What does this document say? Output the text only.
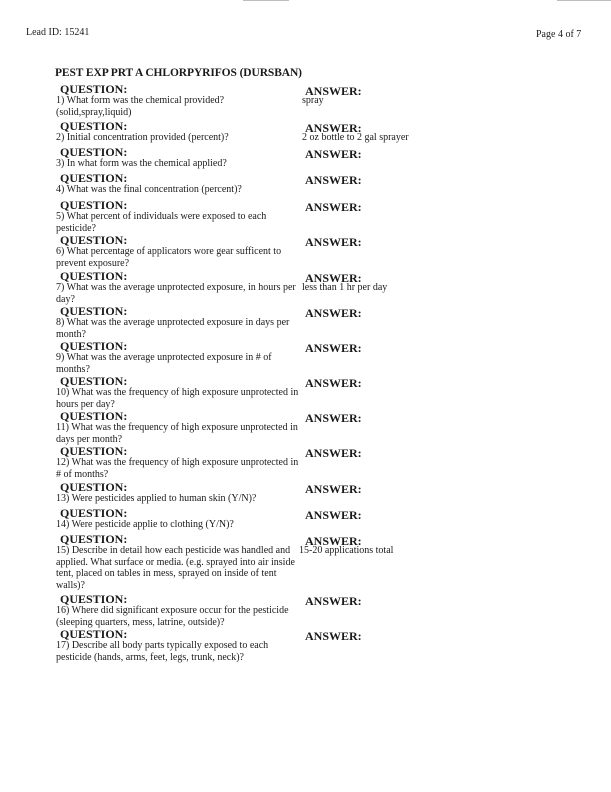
Lead ID: 15241	Page 4 of 7
PEST EXP PRT A CHLORPYRIFOS (DURSBAN)
QUESTION:	ANSWER:
1) What form was the chemical provided?(solid,spray,liquid)
spray
QUESTION:	ANSWER:
2) Initial concentration provided (percent)?	2 oz bottle to 2 gal sprayer
QUESTION:	ANSWER:
3) In what form was the chemical applied?
QUESTION:	ANSWER:
4) What was the final concentration (percent)?
QUESTION:	ANSWER:
5) What percent of individuals were exposed to each pesticide?
QUESTION:	ANSWER:
6) What percentage of applicators wore gear sufficent to prevent exposure?
QUESTION:	ANSWER:
7) What was the average unprotected exposure, in hours per day?
less than 1 hr per day
QUESTION:	ANSWER:
8) What was the average unprotected exposure in days per month?
QUESTION:	ANSWER:
9) What was the average unprotected exposure in # of months?
QUESTION:	ANSWER:
10) What was the frequency of high exposure unprotected in hours per day?
QUESTION:	ANSWER:
11) What was the frequency of high exposure unprotected in days per month?
QUESTION:	ANSWER:
12) What was the frequency of high exposure unprotected in # of months?
QUESTION:	ANSWER:
13) Were pesticides applied to human skin (Y/N)?
QUESTION:	ANSWER:
14) Were pesticide applie to clothing (Y/N)?
QUESTION:	ANSWER:
15) Describe in detail how each pesticide was handled and applied. What surface or media. (e.g. sprayed into air inside tent, placed on tables in mess, sprayed on inside of tent walls)?
15-20 applications total
QUESTION:	ANSWER:
16) Where did significant exposure occur for the pesticide (sleeping quarters, mess, latrine, outside)?
QUESTION:	ANSWER:
17) Describe all body parts typically exposed to each pesticide (hands, arms, feet, legs, trunk, neck)?
